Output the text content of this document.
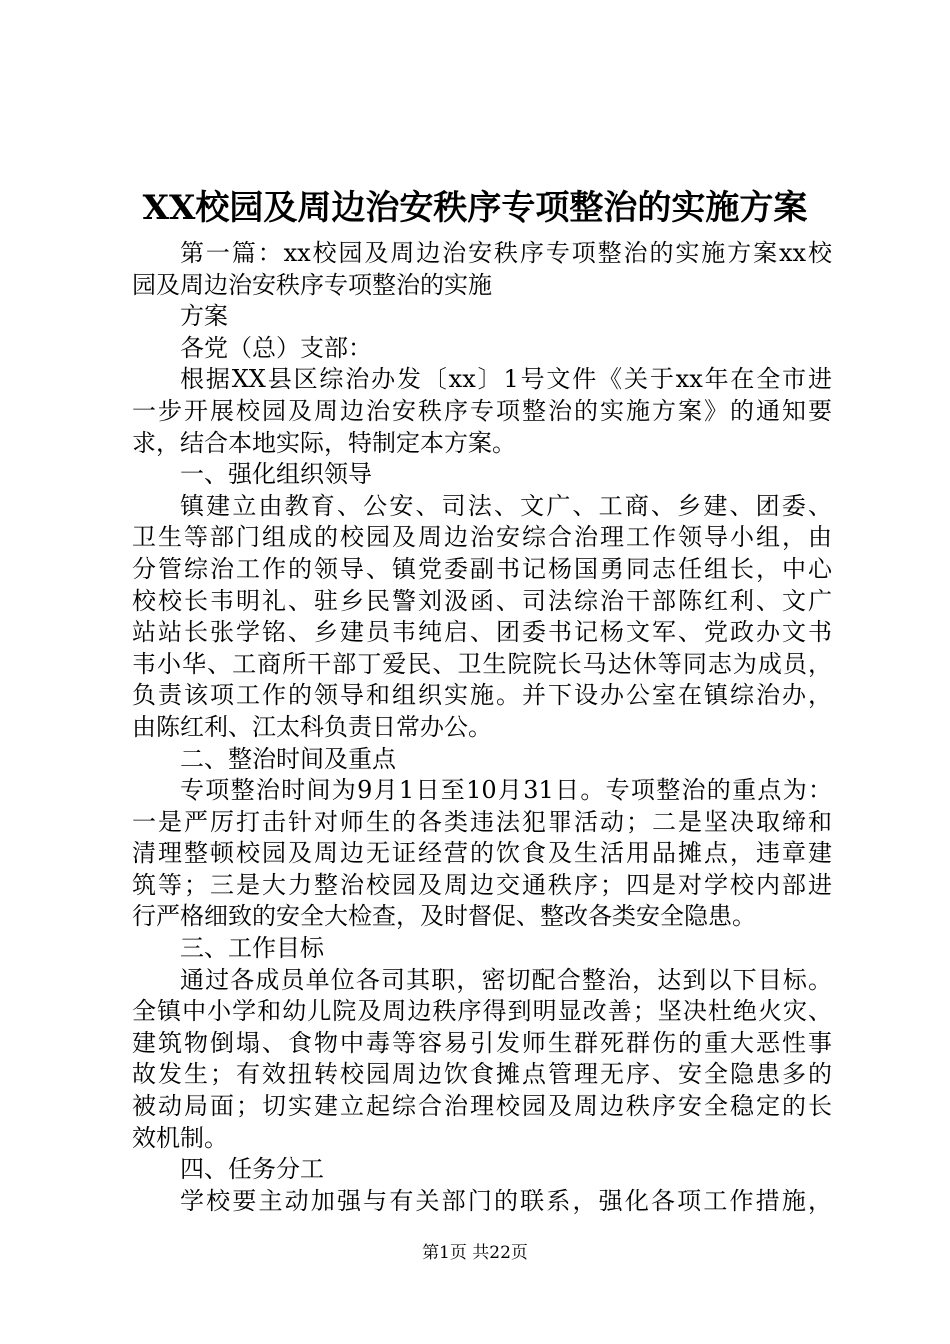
XX校园及周边治安秩序专项整治的实施方案
第一篇：xx校园及周边治安秩序专项整治的实施方案xx校
园及周边治安秩序专项整治的实施
方案
各党（总）支部：
根据XX县区综治办发〔xx〕1号文件《关于xx年在全市进
一步开展校园及周边治安秩序专项整治的实施方案》的通知要
求，结合本地实际，特制定本方案。
一、强化组织领导
镇建立由教育、公安、司法、文广、工商、乡建、团委、
卫生等部门组成的校园及周边治安综合治理工作领导小组，由
分管综治工作的领导、镇党委副书记杨国勇同志任组长，中心
校校长韦明礼、驻乡民警刘汲函、司法综治干部陈红利、文广
站站长张学铭、乡建员韦纯启、团委书记杨文军、党政办文书
韦小华、工商所干部丁爱民、卫生院院长马达休等同志为成员，
负责该项工作的领导和组织实施。并下设办公室在镇综治办，
由陈红利、江太科负责日常办公。
二、整治时间及重点
专项整治时间为9月1日至10月31日。专项整治的重点为：
一是严厉打击针对师生的各类违法犯罪活动；二是坚决取缔和
清理整顿校园及周边无证经营的饮食及生活用品摊点，违章建
筑等；三是大力整治校园及周边交通秩序；四是对学校内部进
行严格细致的安全大检查，及时督促、整改各类安全隐患。
三、工作目标
通过各成员单位各司其职，密切配合整治，达到以下目标。
全镇中小学和幼儿院及周边秩序得到明显改善；坚决杜绝火灾、
建筑物倒塌、食物中毒等容易引发师生群死群伤的重大恶性事
故发生；有效扭转校园周边饮食摊点管理无序、安全隐患多的
被动局面；切实建立起综合治理校园及周边秩序安全稳定的长
效机制。
四、任务分工
学校要主动加强与有关部门的联系，强化各项工作措施，
第1页 共22页
